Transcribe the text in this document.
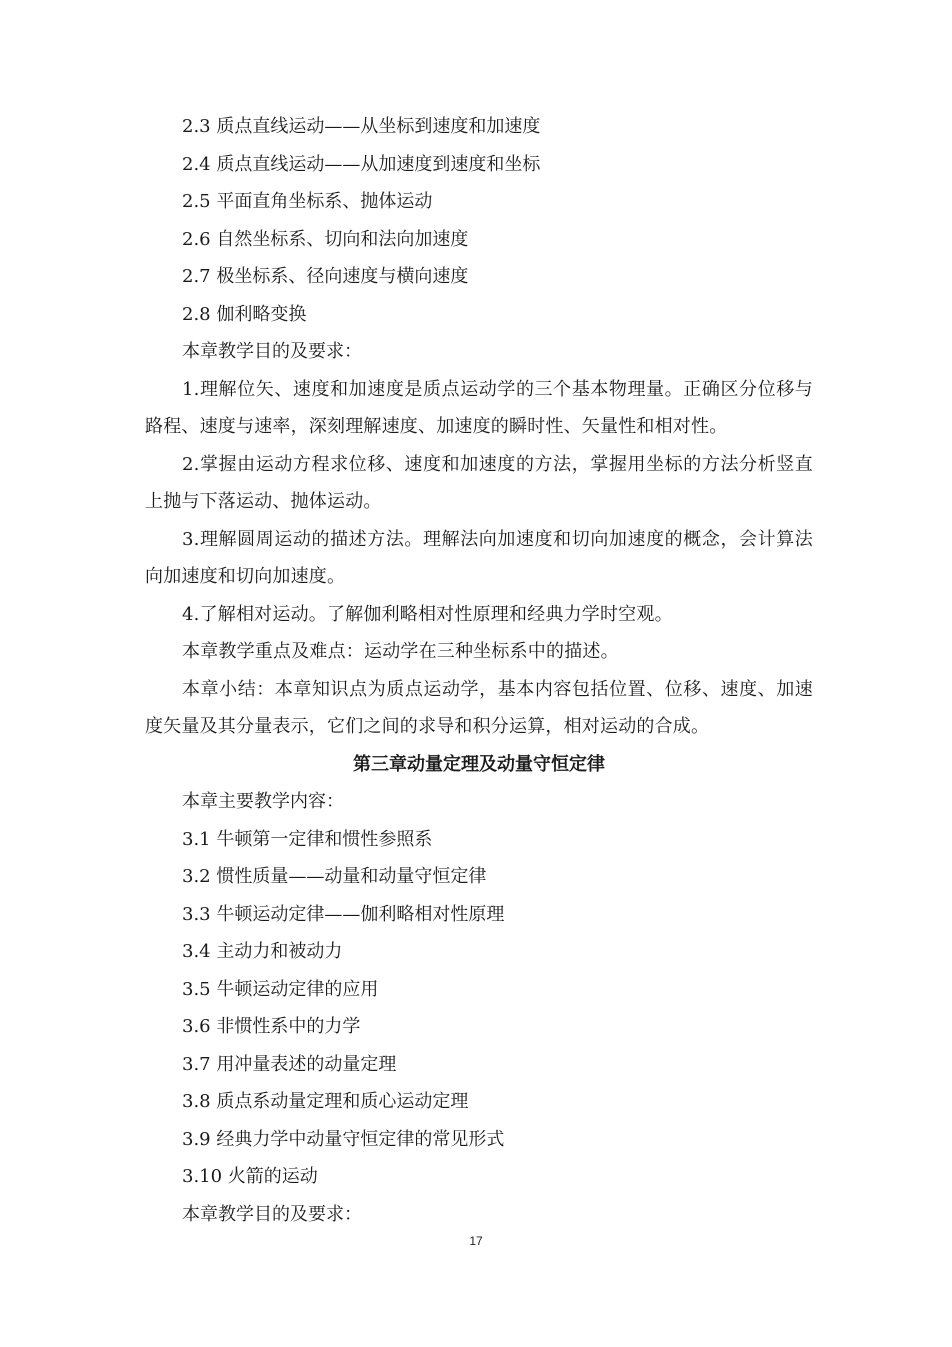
2.3 质点直线运动——从坐标到速度和加速度
2.4 质点直线运动——从加速度到速度和坐标
2.5 平面直角坐标系、抛体运动
2.6 自然坐标系、切向和法向加速度
2.7 极坐标系、径向速度与横向速度
2.8 伽利略变换
本章教学目的及要求：
1.理解位矢、速度和加速度是质点运动学的三个基本物理量。正确区分位移与路程、速度与速率，深刻理解速度、加速度的瞬时性、矢量性和相对性。
2.掌握由运动方程求位移、速度和加速度的方法，掌握用坐标的方法分析竖直上抛与下落运动、抛体运动。
3.理解圆周运动的描述方法。理解法向加速度和切向加速度的概念，会计算法向加速度和切向加速度。
4.了解相对运动。了解伽利略相对性原理和经典力学时空观。
本章教学重点及难点：运动学在三种坐标系中的描述。
本章小结：本章知识点为质点运动学，基本内容包括位置、位移、速度、加速度矢量及其分量表示，它们之间的求导和积分运算，相对运动的合成。
第三章动量定理及动量守恒定律
本章主要教学内容：
3.1 牛顿第一定律和惯性参照系
3.2 惯性质量——动量和动量守恒定律
3.3 牛顿运动定律——伽利略相对性原理
3.4 主动力和被动力
3.5 牛顿运动定律的应用
3.6 非惯性系中的力学
3.7 用冲量表述的动量定理
3.8 质点系动量定理和质心运动定理
3.9 经典力学中动量守恒定律的常见形式
3.10 火箭的运动
本章教学目的及要求：
17
